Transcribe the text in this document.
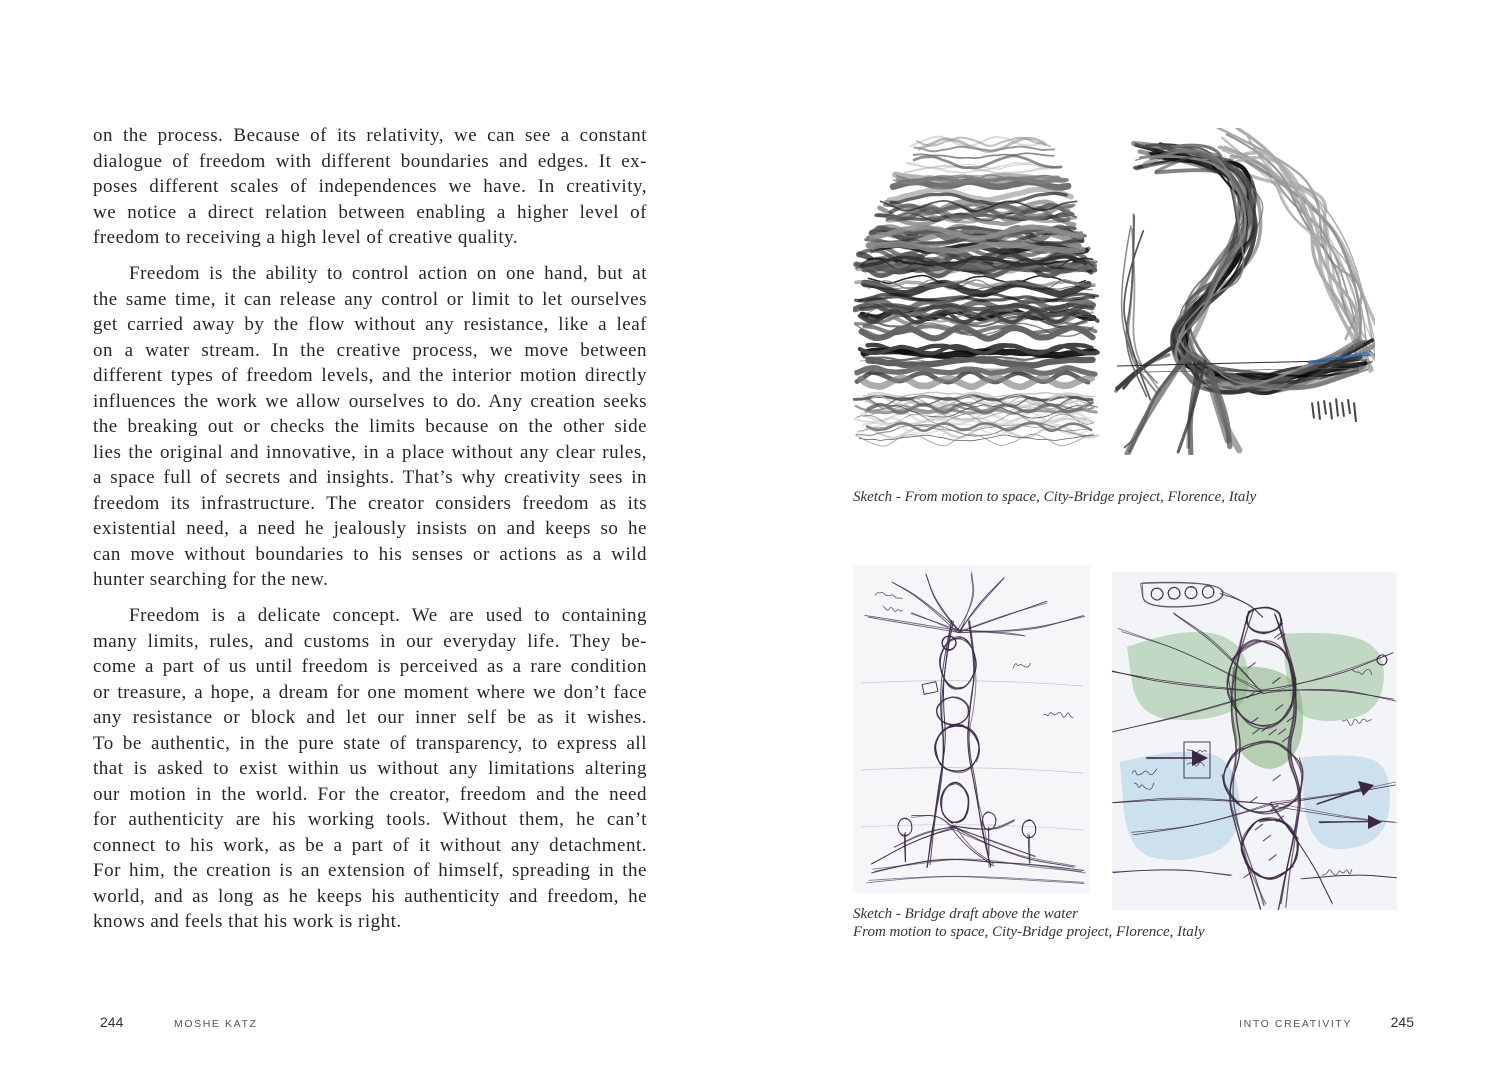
on the process. Because of its relativity, we can see a constant
dialogue of freedom with different boundaries and edges. It ex-
poses different scales of independences we have. In creativity,
we notice a direct relation between enabling a higher level of
freedom to receiving a high level of creative quality.
Freedom is the ability to control action on one hand, but at
the same time, it can release any control or limit to let ourselves
get carried away by the flow without any resistance, like a leaf
on a water stream. In the creative process, we move between
different types of freedom levels, and the interior motion directly
influences the work we allow ourselves to do. Any creation seeks
the breaking out or checks the limits because on the other side
lies the original and innovative, in a place without any clear rules,
a space full of secrets and insights. That’s why creativity sees in
freedom its infrastructure. The creator considers freedom as its
existential need, a need he jealously insists on and keeps so he
can move without boundaries to his senses or actions as a wild
hunter searching for the new.
Freedom is a delicate concept. We are used to containing
many limits, rules, and customs in our everyday life. They be-
come a part of us until freedom is perceived as a rare condition
or treasure, a hope, a dream for one moment where we don’t face
any resistance or block and let our inner self be as it wishes.
To be authentic, in the pure state of transparency, to express all
that is asked to exist within us without any limitations altering
our motion in the world. For the creator, freedom and the need
for authenticity are his working tools. Without them, he can’t
connect to his work, as be a part of it without any detachment.
For him, the creation is an extension of himself, spreading in the
world, and as long as he keeps his authenticity and freedom, he
knows and feels that his work is right.
244	MOSHE KATZ
Sketch - From motion to space, City-Bridge project, Florence, Italy
Sketch - Bridge draft above the water
From motion to space, City-Bridge project, Florence, Italy
INTO CREATIVITY	245
